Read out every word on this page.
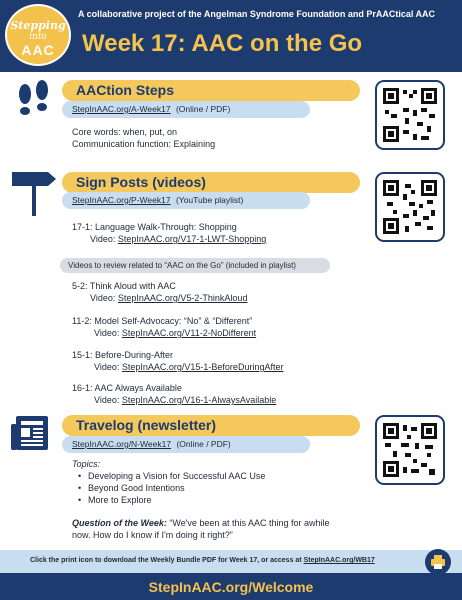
Stepping
into
AAC
A collaborative project of the Angelman Syndrome Foundation and PrAACtical AAC
Week 17: AAC on the Go
AACtion Steps
StepInAAC.org/A-Week17 (Online / PDF)
Core words: when, put, on
Communication function: Explaining
Sign Posts (videos)
StepInAAC.org/P-Week17 (YouTube playlist)
17-1: Language Walk-Through: Shopping
Video: StepInAAC.org/V17-1-LWT-Shopping
Videos to review related to “AAC on the Go” (included in playlist)
5-2: Think Aloud with AAC
Video: StepInAAC.org/V5-2-ThinkAloud
11-2: Model Self-Advocacy: “No” & “Different”
Video: StepInAAC.org/V11-2-NoDifferent
15-1: Before-During-After
Video: StepInAAC.org/V15-1-BeforeDuringAfter
16-1: AAC Always Available
Video: StepInAAC.org/V16-1-AlwaysAvailable
Travelog (newsletter)
StepInAAC.org/N-Week17 (Online / PDF)
Topics:
• Developing a Vision for Successful AAC Use
• Beyond Good Intentions
• More to Explore
Question of the Week: “We've been at this AAC thing for awhile
now. How do I know if I'm doing it right?”
Click the print icon to download the Weekly Bundle PDF for Week 17, or access at StepInAAC.org/WB17
StepInAAC.org/Welcome
